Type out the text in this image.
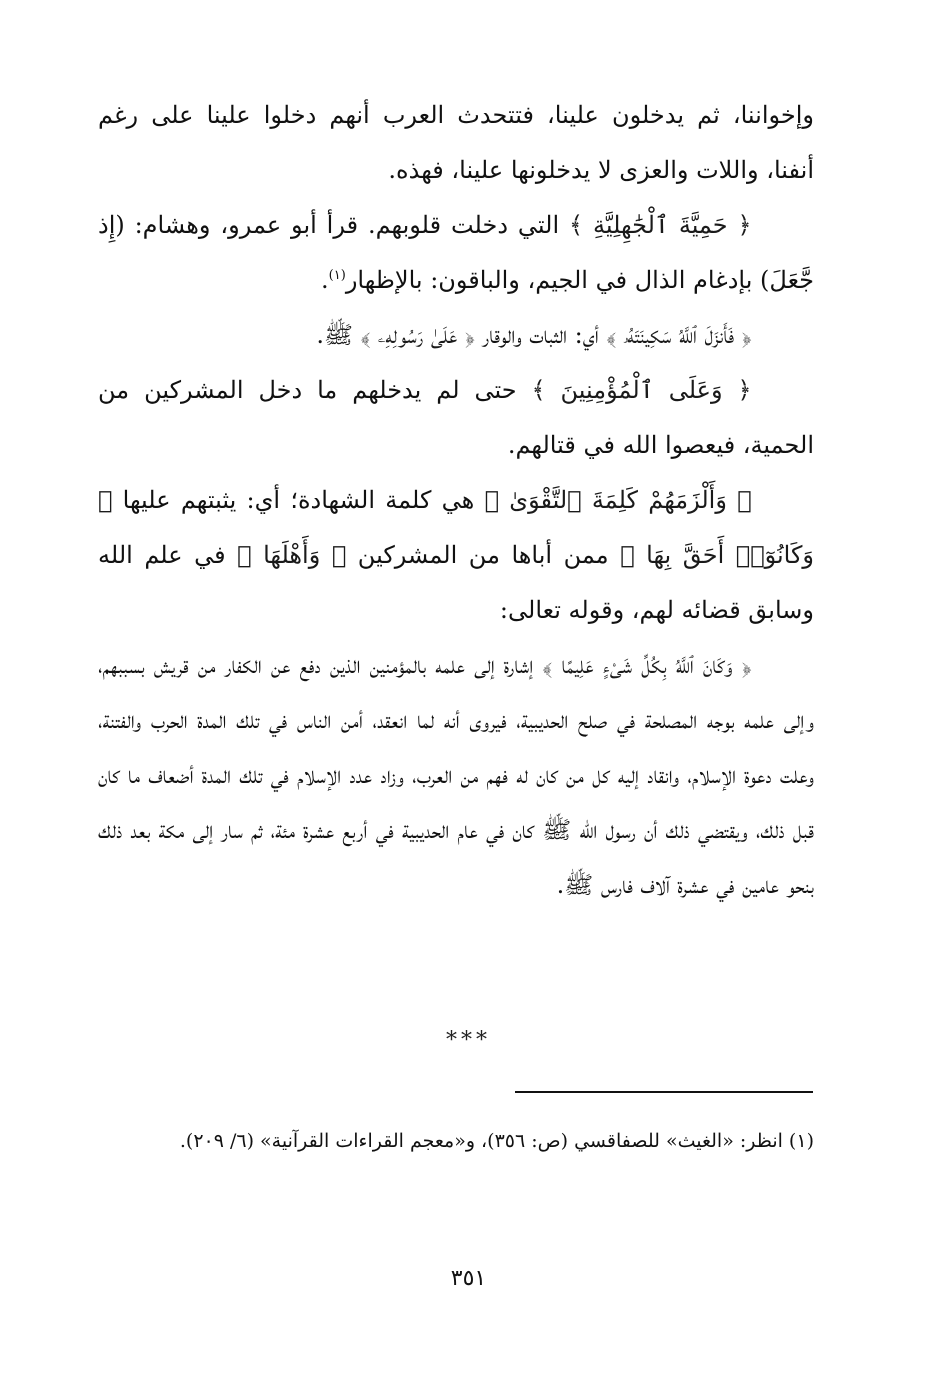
وإخواننا، ثم يدخلون علينا، فتتحدث العرب أنهم دخلوا علينا على رغم أنفنا، واللات والعزى لا يدخلونها علينا، فهذه.

﴿ حَمِيَّةَ ٱلْجَٰهِلِيَّةِ ﴾ التي دخلت قلوبهم. قرأ أبو عمرو، وهشام: (إِذ جَّعَلَ) بإدغام الذال في الجيم، والباقون: بالإظهار$^{(١)}$.

﴿ فَأَنزَلَ ٱللَّهُ سَكِينَتَهُۥ ﴾ أي: الثبات والوقار ﴿ عَلَىٰ رَسُولِهِۦ ﴾ ﷺ.

﴿ وَعَلَى ٱلْمُؤْمِنِينَ ﴾ حتى لم يدخلهم ما دخل المشركين من الحمية، فيعصوا الله في قتالهم.

﴿ وَأَلْزَمَهُمْ كَلِمَةَ ٱلتَّقْوَىٰ ﴾ هي كلمة الشهادة؛ أي: يثبتهم عليها ﴿ وَكَانُوٓا۟ أَحَقَّ بِهَا ﴾ ممن أباها من المشركين ﴿ وَأَهْلَهَا ﴾ في علم الله وسابق قضائه لهم، وقوله تعالى:

﴿ وَكَانَ ٱللَّهُ بِكُلِّ شَىْءٍ عَلِيمًا ﴾ إشارة إلى علمه بالمؤمنين الذين دفع عن الكفار من قريش بسببهم، وإلى علمه بوجه المصلحة في صلح الحديبية، فيروى أنه لما انعقد، أمن الناس في تلك المدة الحرب والفتنة، وعلت دعوة الإسلام، وانقاد إليه كل من كان له فهم من العرب، وزاد عدد الإسلام في تلك المدة أضعاف ما كان قبل ذلك، ويقتضي ذلك أن رسول الله ﷺ كان في عام الحديبية في أربع عشرة مئة، ثم سار إلى مكة بعد ذلك بنحو عامين في عشرة آلاف فارس ﷺ.

***
(١) انظر: «الغيث» للصفاقسي (ص: ٣٥٦)، و«معجم القراءات القرآنية» (٦/ ٢٠٩).
٣٥١
